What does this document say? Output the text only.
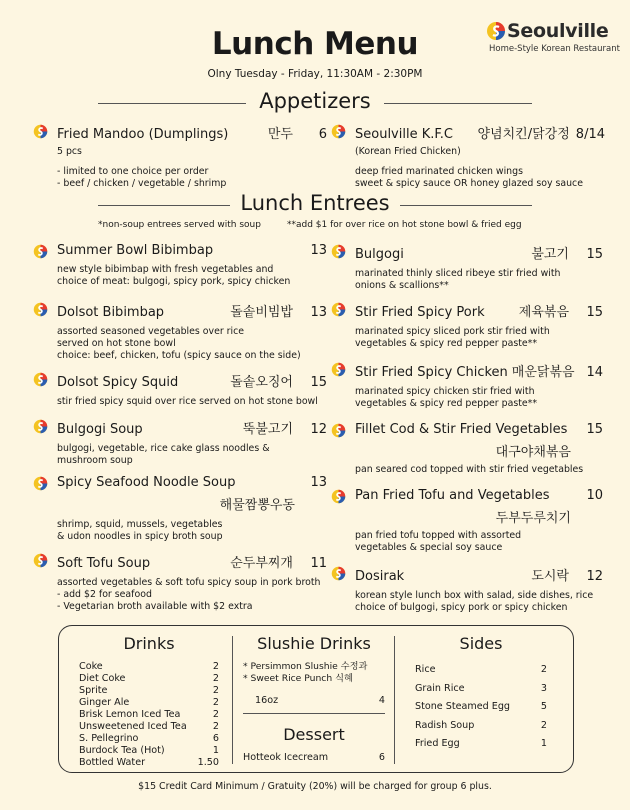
Lunch Menu
Olny Tuesday - Friday, 11:30AM - 2:30PM
Seoulville
Home-Style Korean Restaurant
Appetizers
Fried Mandoo (Dumplings)	만두	6
5 pcs
- limited to one choice per order
- beef / chicken / vegetable / shrimp
Seoulville K.F.C 양념치킨/닭강정 8/14
(Korean Fried Chicken)
deep fried marinated chicken wings
sweet & spicy sauce OR honey glazed soy sauce
Lunch Entrees
*non-soup entrees served with soup	**add $1 for over rice on hot stone bowl & fried egg
Summer Bowl Bibimbap	13
new style bibimbap with fresh vegetables and
choice of meat: bulgogi, spicy pork, spicy chicken
Dolsot Bibimbap	돌솥비빔밥	13
assorted seasoned vegetables over rice
served on hot stone bowl
choice: beef, chicken, tofu (spicy sauce on the side)
Dolsot Spicy Squid	돌솥오징어	15
stir fried spicy squid over rice served on hot stone bowl
Bulgogi Soup	뚝불고기	12
bulgogi, vegetable, rice cake glass noodles &
mushroom soup
Spicy Seafood Noodle Soup	13
해물짬뽕우동
shrimp, squid, mussels, vegetables
& udon noodles in spicy broth soup
Soft Tofu Soup	순두부찌개	11
assorted vegetables & soft tofu spicy soup in pork broth
- add $2 for seafood
- Vegetarian broth available with $2 extra
Bulgogi	불고기	15
marinated thinly sliced ribeye stir fried with
onions & scallions**
Stir Fried Spicy Pork	제육볶음	15
marinated spicy sliced pork stir fried with
vegetables & spicy red pepper paste**
Stir Fried Spicy Chicken 매운닭볶음 14
marinated spicy chicken stir fried with
vegetables & spicy red pepper paste**
Fillet Cod & Stir Fried Vegetables	15
대구야채볶음
pan seared cod topped with stir fried vegetables
Pan Fried Tofu and Vegetables	10
두부두루치기
pan fried tofu topped with assorted
vegetables & special soy sauce
Dosirak	도시락	12
korean style lunch box with salad, side dishes, rice
choice of bulgogi, spicy pork or spicy chicken
Drinks
Coke	2
Diet Coke	2
Sprite	2
Ginger Ale	2
Brisk Lemon Iced Tea	2
Unsweetened Iced Tea	2
S. Pellegrino	6
Burdock Tea (Hot)	1
Bottled Water	1.50
Slushie Drinks
* Persimmon Slushie 수정과
* Sweet Rice Punch 식혜
16oz	4
Dessert
Hotteok Icecream	6
Sides
Rice	2
Grain Rice	3
Stone Steamed Egg	5
Radish Soup	2
Fried Egg	1
$15 Credit Card Minimum / Gratuity (20%) will be charged for group 6 plus.
